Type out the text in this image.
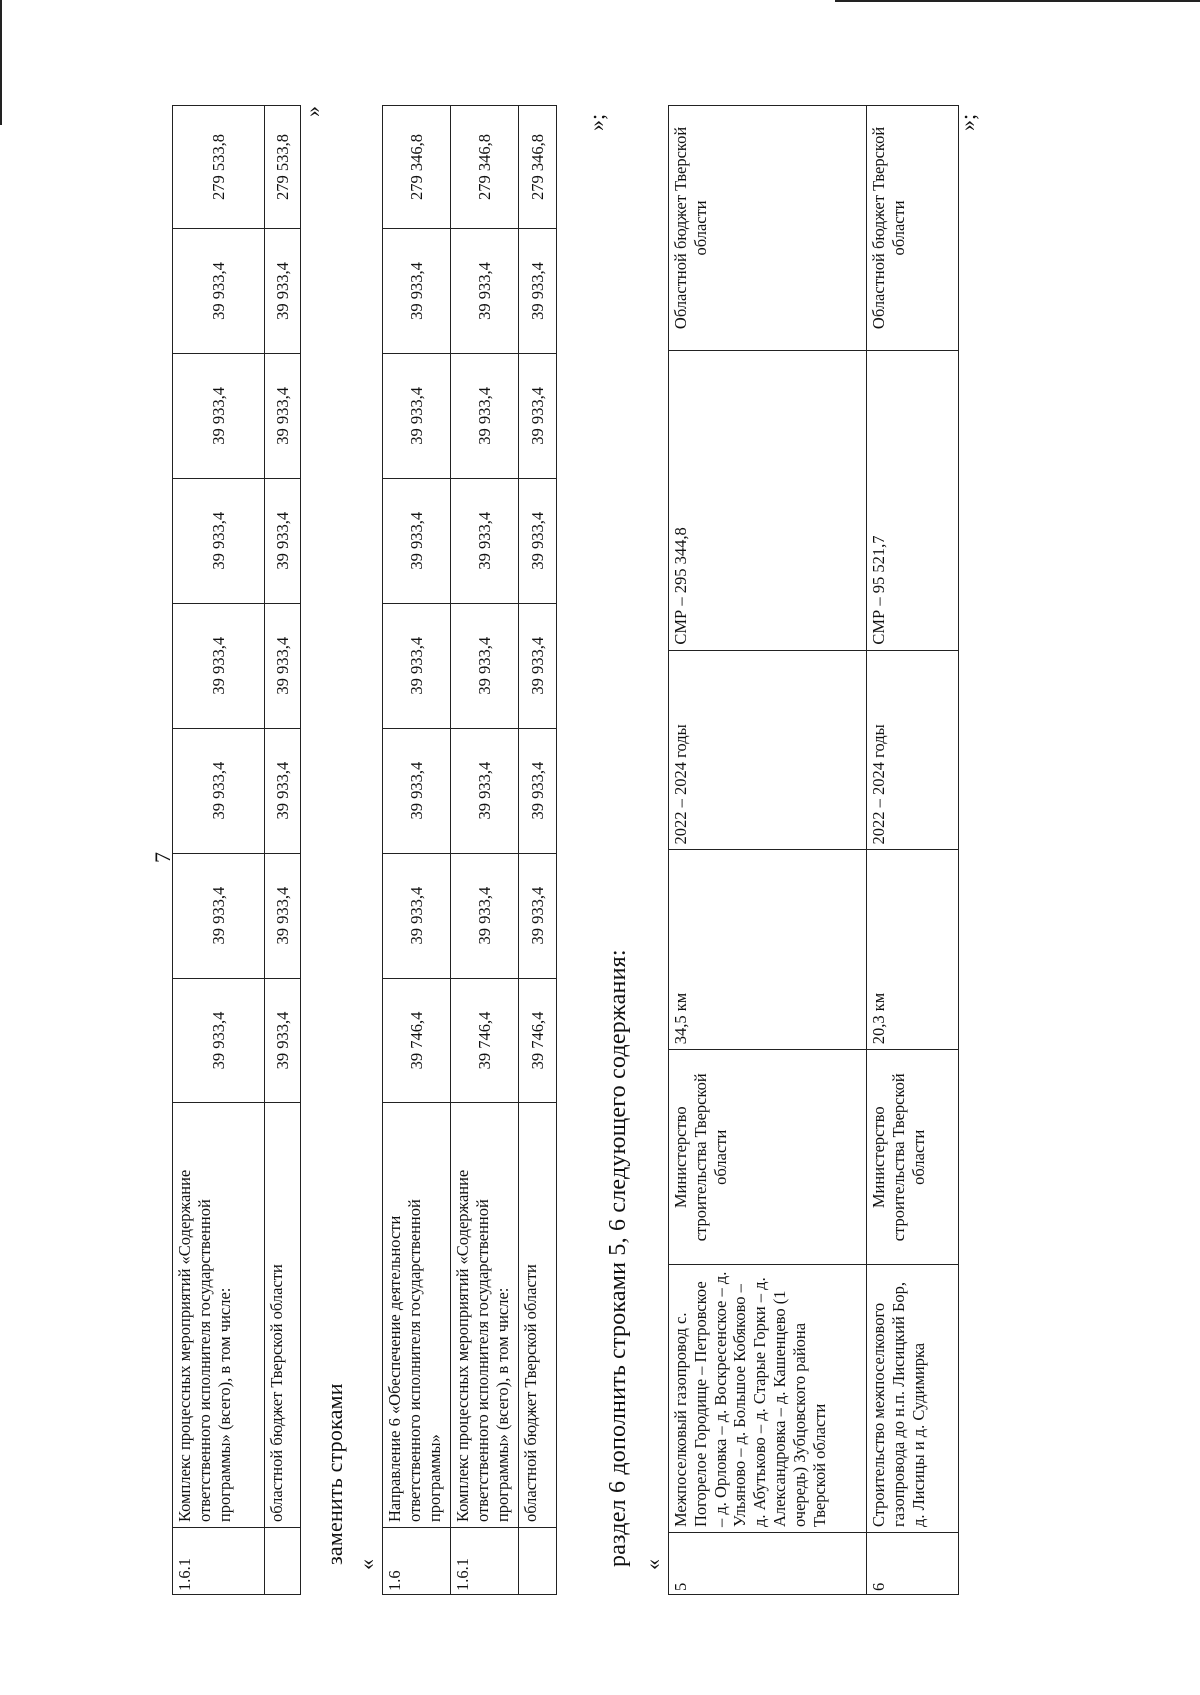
7
1.6.1	Комплекс процессных мероприятий «Содержание ответственного исполнителя государственной программы» (всего), в том числе:	39 933,4	39 933,4	39 933,4	39 933,4	39 933,4	39 933,4	39 933,4	279 533,8
	областной бюджет Тверской области	39 933,4	39 933,4	39 933,4	39 933,4	39 933,4	39 933,4	39 933,4	279 533,8
»
заменить строками «
1.6	Направление 6 «Обеспечение деятельности ответственного исполнителя государственной программы»	39 746,4	39 933,4	39 933,4	39 933,4	39 933,4	39 933,4	39 933,4	279 346,8
1.6.1	Комплекс процессных мероприятий «Содержание ответственного исполнителя государственной программы» (всего), в том числе:	39 746,4	39 933,4	39 933,4	39 933,4	39 933,4	39 933,4	39 933,4	279 346,8
	областной бюджет Тверской области	39 746,4	39 933,4	39 933,4	39 933,4	39 933,4	39 933,4	39 933,4	279 346,8
»;
раздел 6 дополнить строками 5, 6 следующего содержания: «
5	Межпоселковый газопровод с. Погорелое Городище – Петровское – д. Орловка – д. Воскресенское – д. Ульяново – д. Большое Кобяково – д. Абутьково – д. Старые Горки – д. Александровка – д. Кашенцево (1 очередь) Зубцовского района Тверской области	Министерство строительства Тверской области	34,5 км	2022 – 2024 годы	СМР – 295 344,8	Областной бюджет Тверской области
6	Строительство межпоселкового газопровода до н.п. Лисицкий Бор, д. Лисицы и д. Судимирка	Министерство строительства Тверской области	20,3 км	2022 – 2024 годы	СМР – 95 521,7	Областной бюджет Тверской области
»;
